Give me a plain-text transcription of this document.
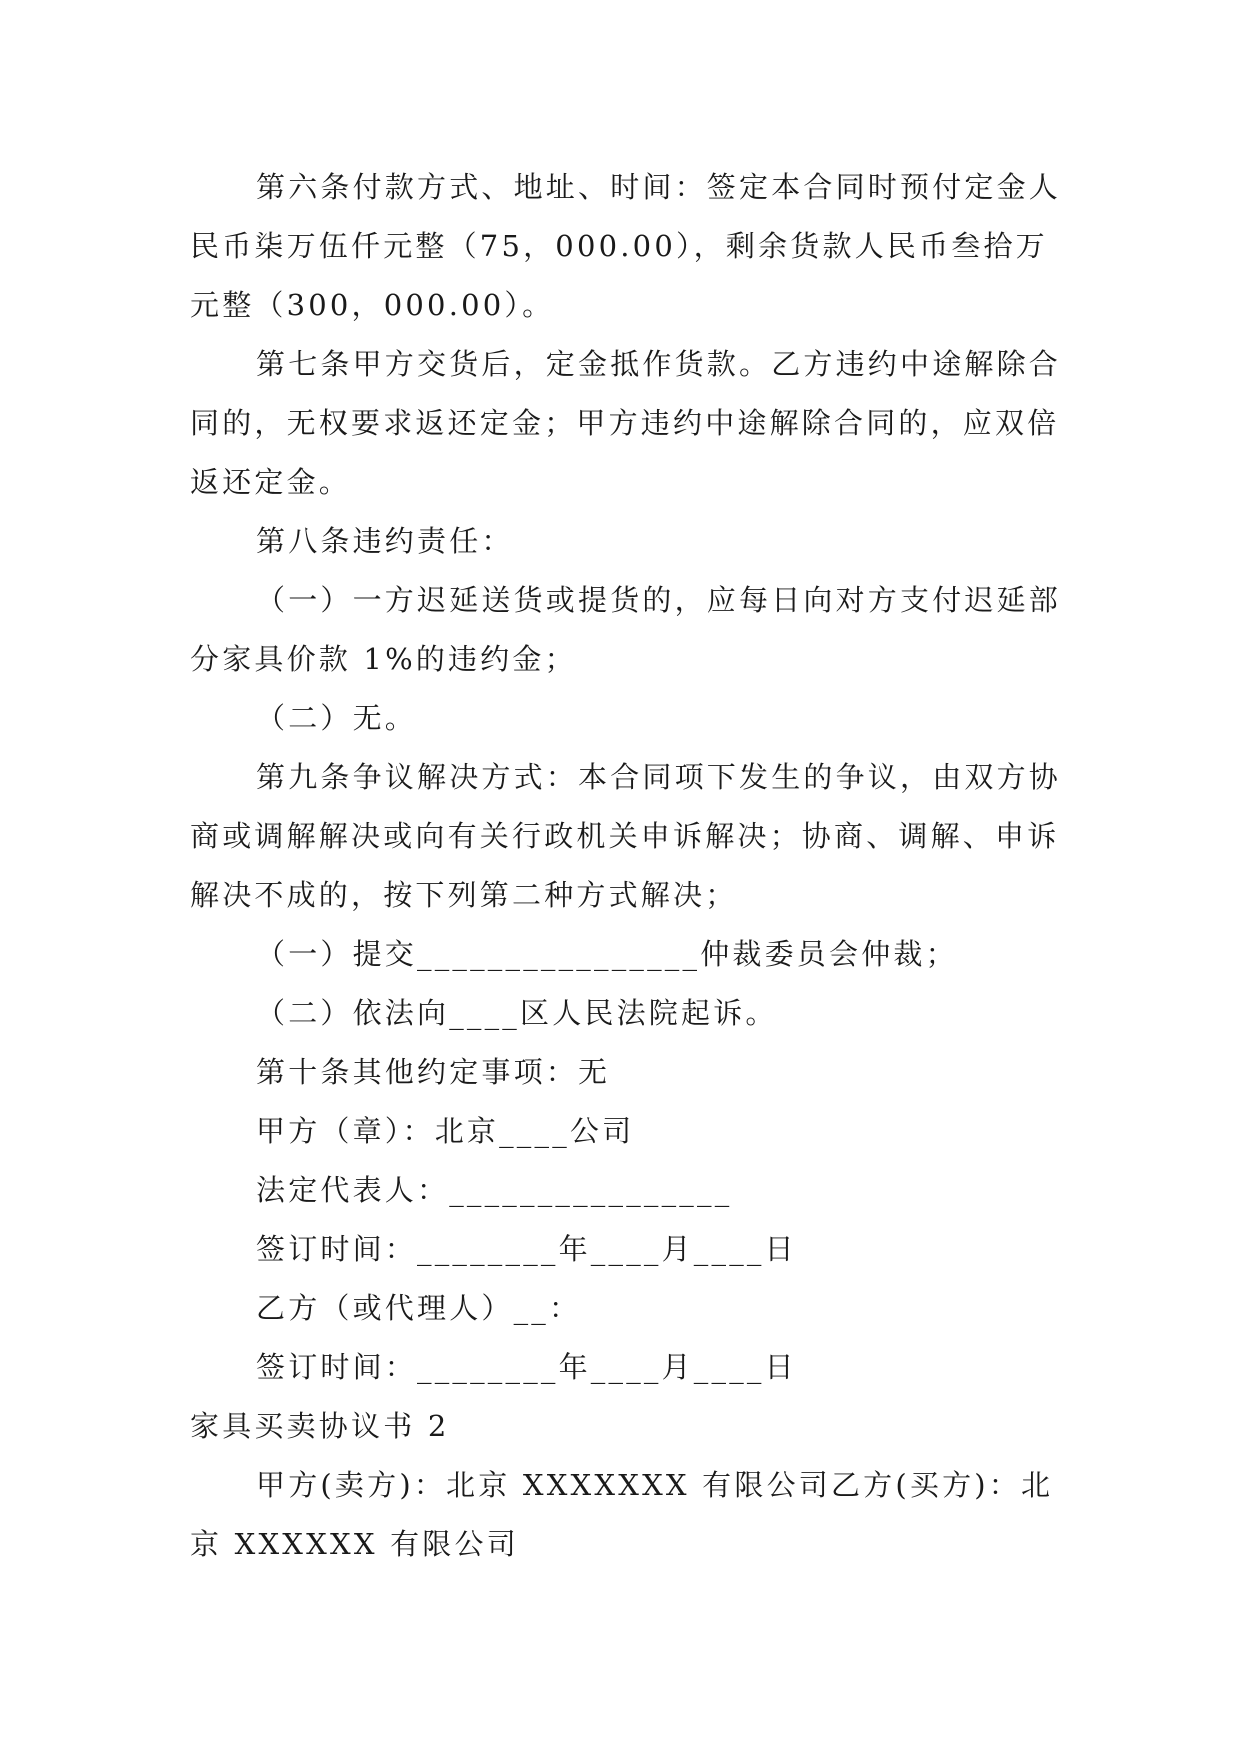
第六条付款方式、地址、时间：签定本合同时预付定金人民币柒万伍仟元整（75，000.00），剩余货款人民币叁拾万元整（300，000.00）。

第七条甲方交货后，定金抵作货款。乙方违约中途解除合同的，无权要求返还定金；甲方违约中途解除合同的，应双倍返还定金。

第八条违约责任：

（一）一方迟延送货或提货的，应每日向对方支付迟延部分家具价款 1%的违约金；

（二）无。

第九条争议解决方式：本合同项下发生的争议，由双方协商或调解解决或向有关行政机关申诉解决；协商、调解、申诉解决不成的，按下列第二种方式解决；

（一）提交________________仲裁委员会仲裁；

（二）依法向____区人民法院起诉。

第十条其他约定事项：无

甲方（章）：北京____公司

法定代表人：________________

签订时间：________年____月____日

乙方（或代理人）__：

签订时间：________年____月____日

家具买卖协议书 2

甲方(卖方)：北京 XXXXXXX 有限公司乙方(买方)：北京 XXXXXX 有限公司
